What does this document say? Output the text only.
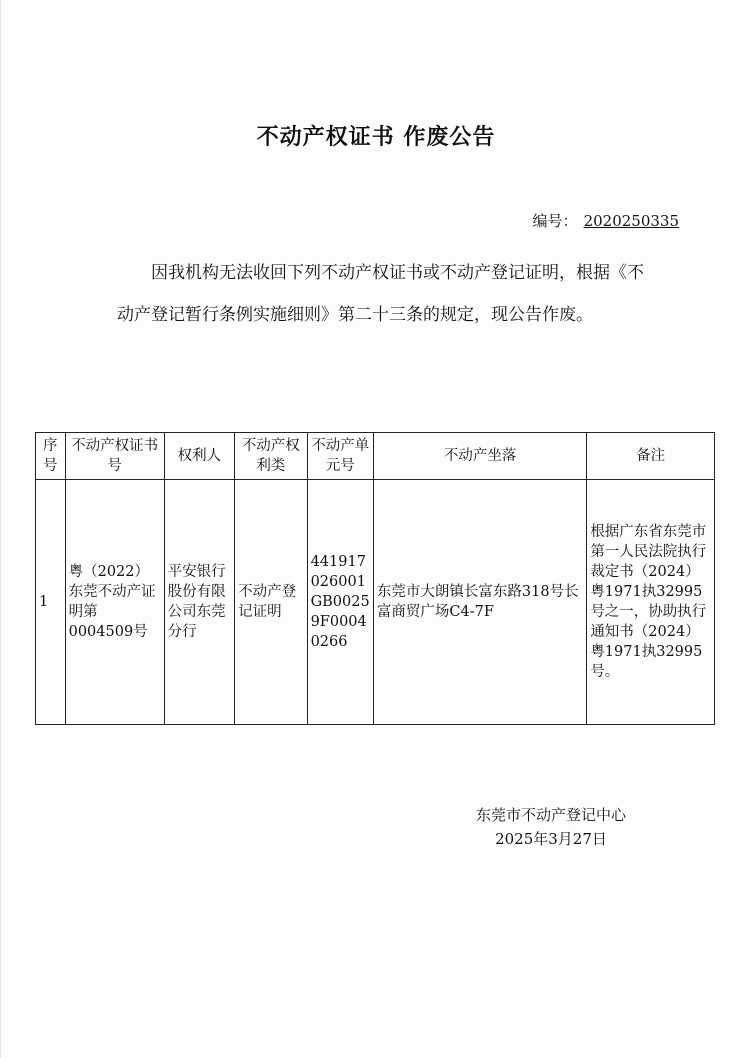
不动产权证书 作废公告
编号： 2020250335

因我机构无法收回下列不动产权证书或不动产登记证明，根据《不动产登记暂行条例实施细则》第二十三条的规定，现公告作废。

序号	不动产权证书号	权利人	不动产权利类	不动产单元号	不动产坐落	备注
1	粤（2022）东莞不动产证明第0004509号	平安银行股份有限公司东莞分行	不动产登记证明	441917026001GB00259F00040266	东莞市大朗镇长富东路318号长富商贸广场C4-7F	根据广东省东莞市第一人民法院执行裁定书（2024）粤1971执32995号之一，协助执行通知书（2024）粤1971执32995号。
东莞市不动产登记中心
2025年3月27日
